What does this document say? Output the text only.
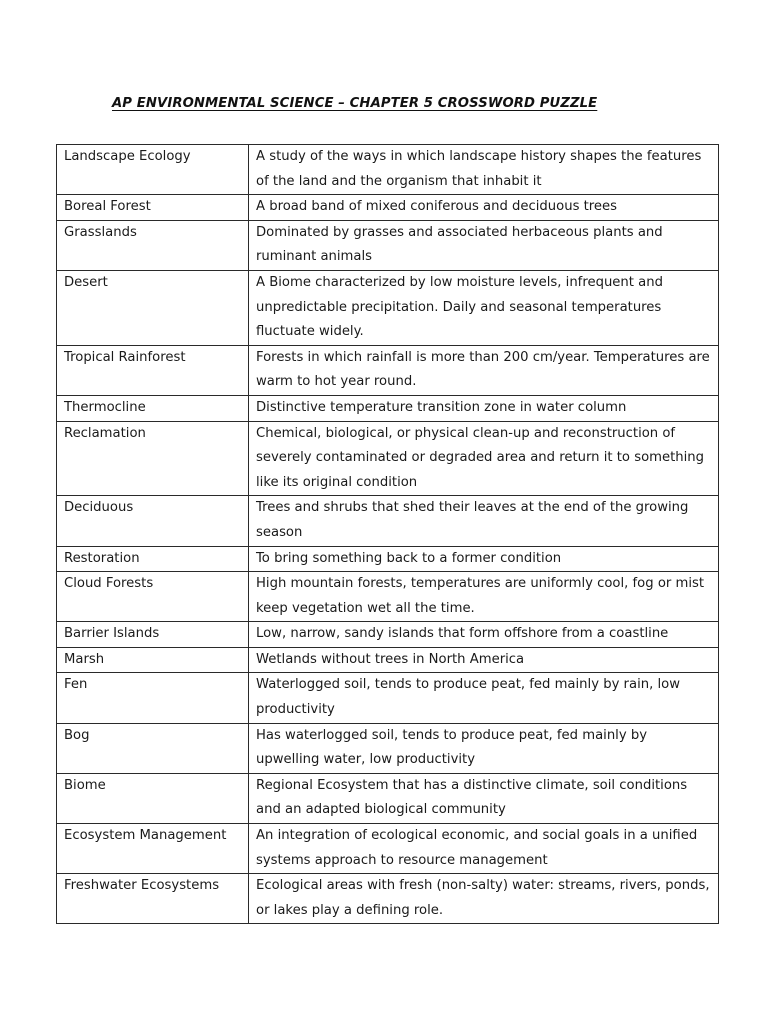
AP ENVIRONMENTAL SCIENCE – CHAPTER 5 CROSSWORD PUZZLE
Landscape Ecology	A study of the ways in which landscape history shapes the features of the land and the organism that inhabit it
Boreal Forest	A broad band of mixed coniferous and deciduous trees
Grasslands	Dominated by grasses and associated herbaceous plants and ruminant animals
Desert	A Biome characterized by low moisture levels, infrequent and unpredictable precipitation. Daily and seasonal temperatures fluctuate widely.
Tropical Rainforest	Forests in which rainfall is more than 200 cm/year. Temperatures are warm to hot year round.
Thermocline	Distinctive temperature transition zone in water column
Reclamation	Chemical, biological, or physical clean-up and reconstruction of severely contaminated or degraded area and return it to something like its original condition
Deciduous	Trees and shrubs that shed their leaves at the end of the growing season
Restoration	To bring something back to a former condition
Cloud Forests	High mountain forests, temperatures are uniformly cool, fog or mist keep vegetation wet all the time.
Barrier Islands	Low, narrow, sandy islands that form offshore from a coastline
Marsh	Wetlands without trees in North America
Fen	Waterlogged soil, tends to produce peat, fed mainly by rain, low productivity
Bog	Has waterlogged soil, tends to produce peat, fed mainly by upwelling water, low productivity
Biome	Regional Ecosystem that has a distinctive climate, soil conditions and an adapted biological community
Ecosystem Management	An integration of ecological economic, and social goals in a unified systems approach to resource management
Freshwater Ecosystems	Ecological areas with fresh (non-salty) water: streams, rivers, ponds, or lakes play a defining role.
